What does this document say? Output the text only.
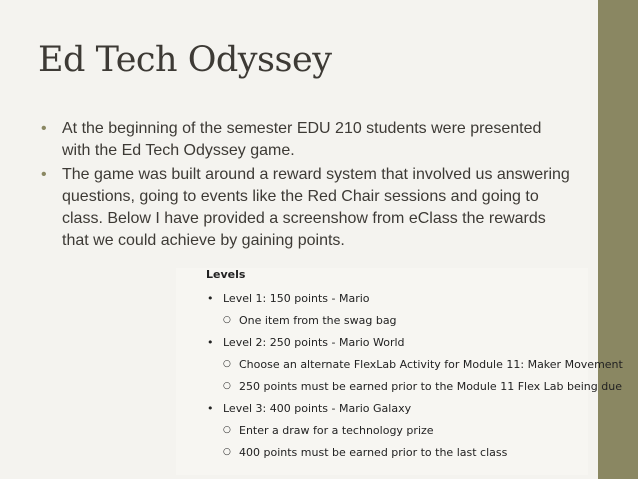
Ed Tech Odyssey
• At the beginning of the semester EDU 210 students were presented with the Ed Tech Odyssey game.
• The game was built around a reward system that involved us answering questions, going to events like the Red Chair sessions and going to class. Below I have provided a screenshow from eClass the rewards that we could achieve by gaining points.
Levels
• Level 1: 150 points - Mario
○ One item from the swag bag
• Level 2: 250 points - Mario World
○ Choose an alternate FlexLab Activity for Module 11: Maker Movement
○ 250 points must be earned prior to the Module 11 Flex Lab being due
• Level 3: 400 points - Mario Galaxy
○ Enter a draw for a technology prize
○ 400 points must be earned prior to the last class
